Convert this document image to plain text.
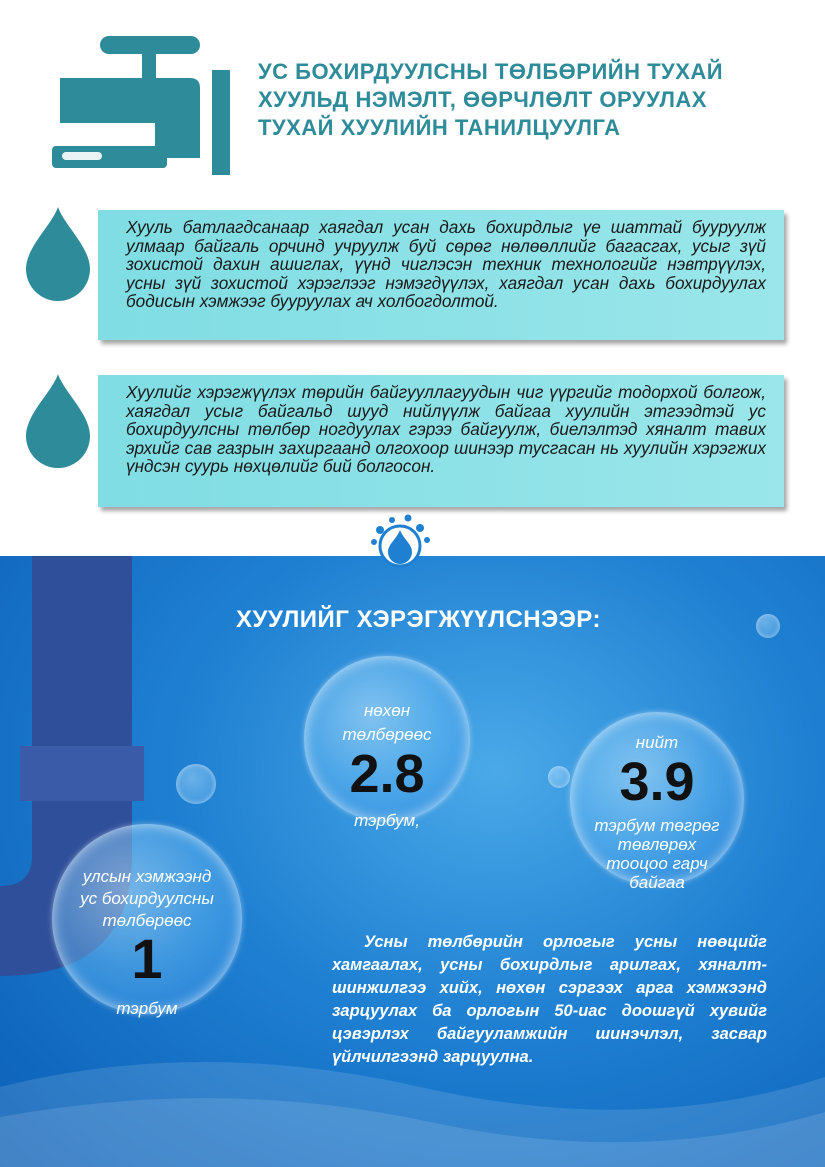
УС БОХИРДУУЛСНЫ ТӨЛБӨРИЙН ТУХАЙ
ХУУЛЬД НЭМЭЛТ, ӨӨРЧЛӨЛТ ОРУУЛАХ
ТУХАЙ ХУУЛИЙН ТАНИЛЦУУЛГА

Хууль батлагдсанаар хаягдал усан дахь бохирдлыг үе шаттай бууруулж улмаар байгаль орчинд учруулж буй сөрөг нөлөөллийг багасгах, усыг зүй зохистой дахин ашиглах, үүнд чиглэсэн техник технологийг нэвтрүүлэх, усны зүй зохистой хэрэглээг нэмэгдүүлэх, хаягдал усан дахь бохирдуулах бодисын хэмжээг бууруулах ач холбогдолтой.

Хуулийг хэрэгжүүлэх төрийн байгууллагуудын чиг үүргийг тодорхой болгож, хаягдал усыг байгальд шууд нийлүүлж байгаа хуулийн этгээдтэй ус бохирдуулсны төлбөр ногдуулах гэрээ байгуулж, биелэлтэд хяналт тавих эрхийг сав газрын захиргаанд олгохоор шинээр тусгасан нь хуулийн хэрэгжих үндсэн суурь нөхцөлийг бий болгосон.

ХУУЛИЙГ ХЭРЭГЖҮҮЛСНЭЭР:
нөхөн
төлбөрөөс
2.8
тэрбум,
нийт
3.9
тэрбум төгрөг
төвлөрөх
тооцоо гарч
байгаа
улсын хэмжээнд
ус бохирдуулсны
төлбөрөөс
1
тэрбум

Усны төлбөрийн орлогыг усны нөөцийг хамгаалах, усны бохирдлыг арилгах, хяналт-шинжилгээ хийх, нөхөн сэргээх арга хэмжээнд зарцуулах ба орлогын 50-иас доошгүй хувийг цэвэрлэх байгууламжийн шинэчлэл, засвар үйлчилгээнд зарцуулна.
